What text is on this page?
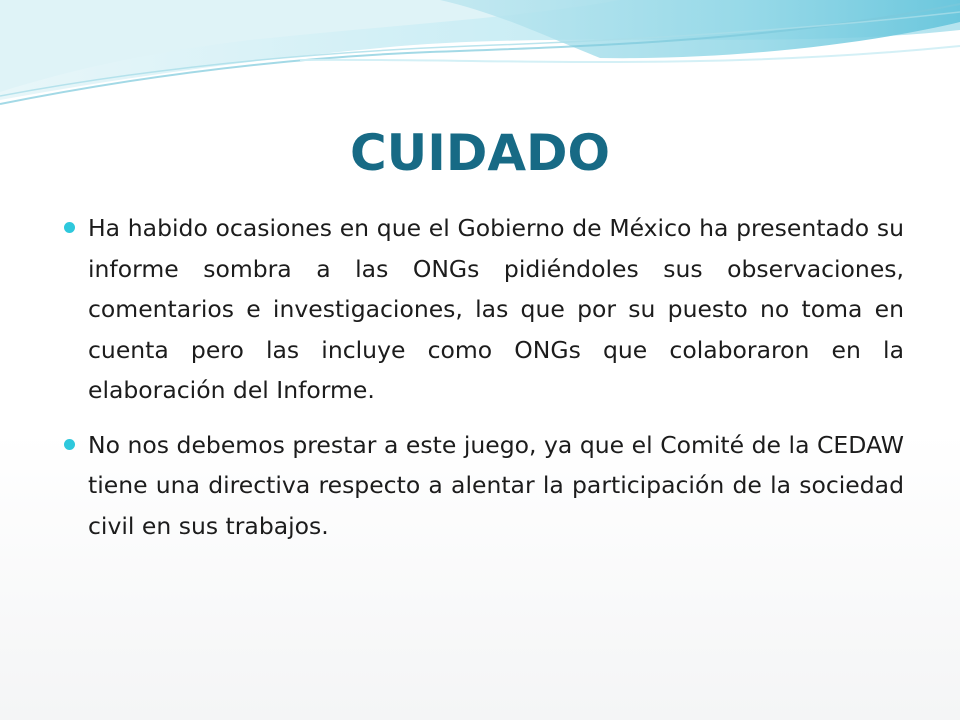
CUIDADO
Ha habido ocasiones en que el Gobierno de México ha presentado su informe sombra a las ONGs pidiéndoles sus observaciones, comentarios e investigaciones, las que por su puesto no toma en cuenta pero las incluye como ONGs que colaboraron en la elaboración del Informe.
No nos debemos prestar a este juego, ya que el Comité de la CEDAW tiene una directiva respecto a alentar la participación de la sociedad civil en sus trabajos.
